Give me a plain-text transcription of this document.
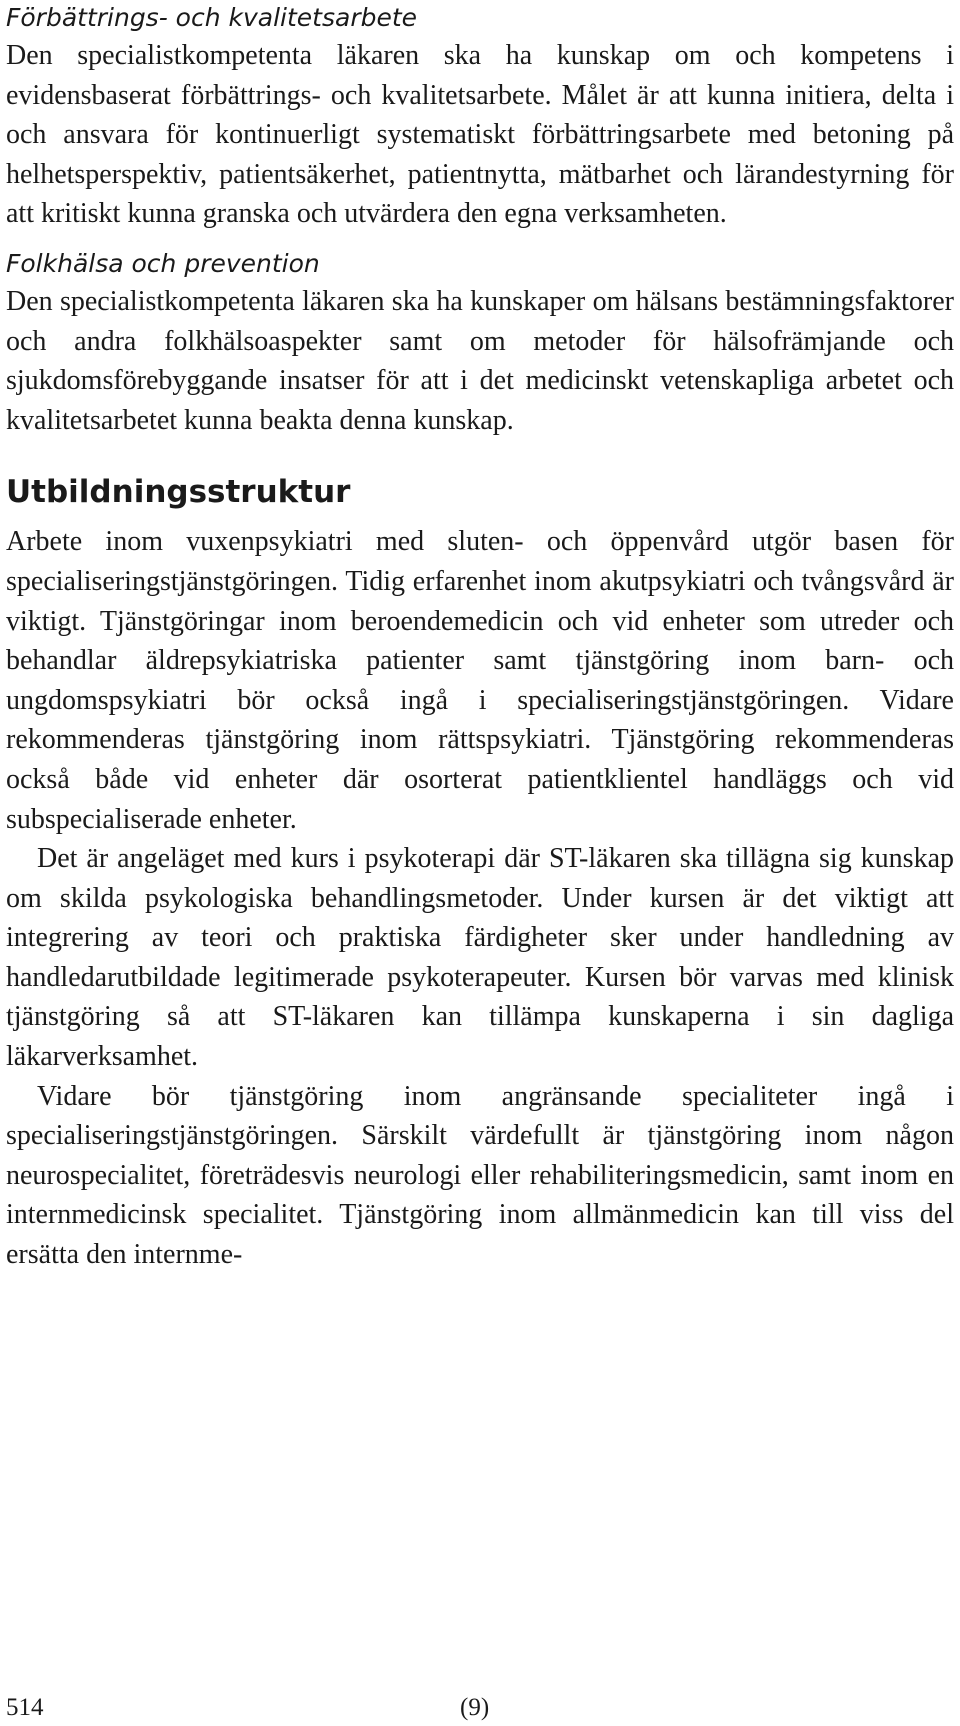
Förbättrings- och kvalitetsarbete

Den specialistkompetenta läkaren ska ha kunskap om och kompetens i evidensbaserat förbättrings- och kvalitetsarbete. Målet är att kunna initiera, delta i och ansvara för kontinuerligt systematiskt förbättringsarbete med betoning på helhetsperspektiv, patientsäkerhet, patientnytta, mätbarhet och lärandestyrning för att kritiskt kunna granska och utvärdera den egna verksamheten.

Folkhälsa och prevention

Den specialistkompetenta läkaren ska ha kunskaper om hälsans bestämningsfaktorer och andra folkhälsoaspekter samt om metoder för hälsofrämjande och sjukdomsförebyggande insatser för att i det medicinskt vetenskapliga arbetet och kvalitetsarbetet kunna beakta denna kunskap.

Utbildningsstruktur

Arbete inom vuxenpsykiatri med sluten- och öppenvård utgör basen för specialiseringstjänstgöringen. Tidig erfarenhet inom akutpsykiatri och tvångsvård är viktigt. Tjänstgöringar inom beroendemedicin och vid enheter som utreder och behandlar äldrepsykiatriska patienter samt tjänstgöring inom barn- och ungdomspsykiatri bör också ingå i specialiseringstjänstgöringen. Vidare rekommenderas tjänstgöring inom rättspsykiatri. Tjänstgöring rekommenderas också både vid enheter där osorterat patientklientel handläggs och vid subspecialiserade enheter.

Det är angeläget med kurs i psykoterapi där ST-läkaren ska tillägna sig kunskap om skilda psykologiska behandlingsmetoder. Under kursen är det viktigt att integrering av teori och praktiska färdigheter sker under handledning av handledarutbildade legitimerade psykoterapeuter. Kursen bör varvas med klinisk tjänstgöring så att ST-läkaren kan tillämpa kunskaperna i sin dagliga läkarverksamhet.

Vidare bör tjänstgöring inom angränsande specialiteter ingå i specialiseringstjänstgöringen. Särskilt värdefullt är tjänstgöring inom någon neurospecialitet, företrädesvis neurologi eller rehabiliteringsmedicin, samt inom en internmedicinsk specialitet. Tjänstgöring inom allmänmedicin kan till viss del ersätta den internme-

514	(9)
